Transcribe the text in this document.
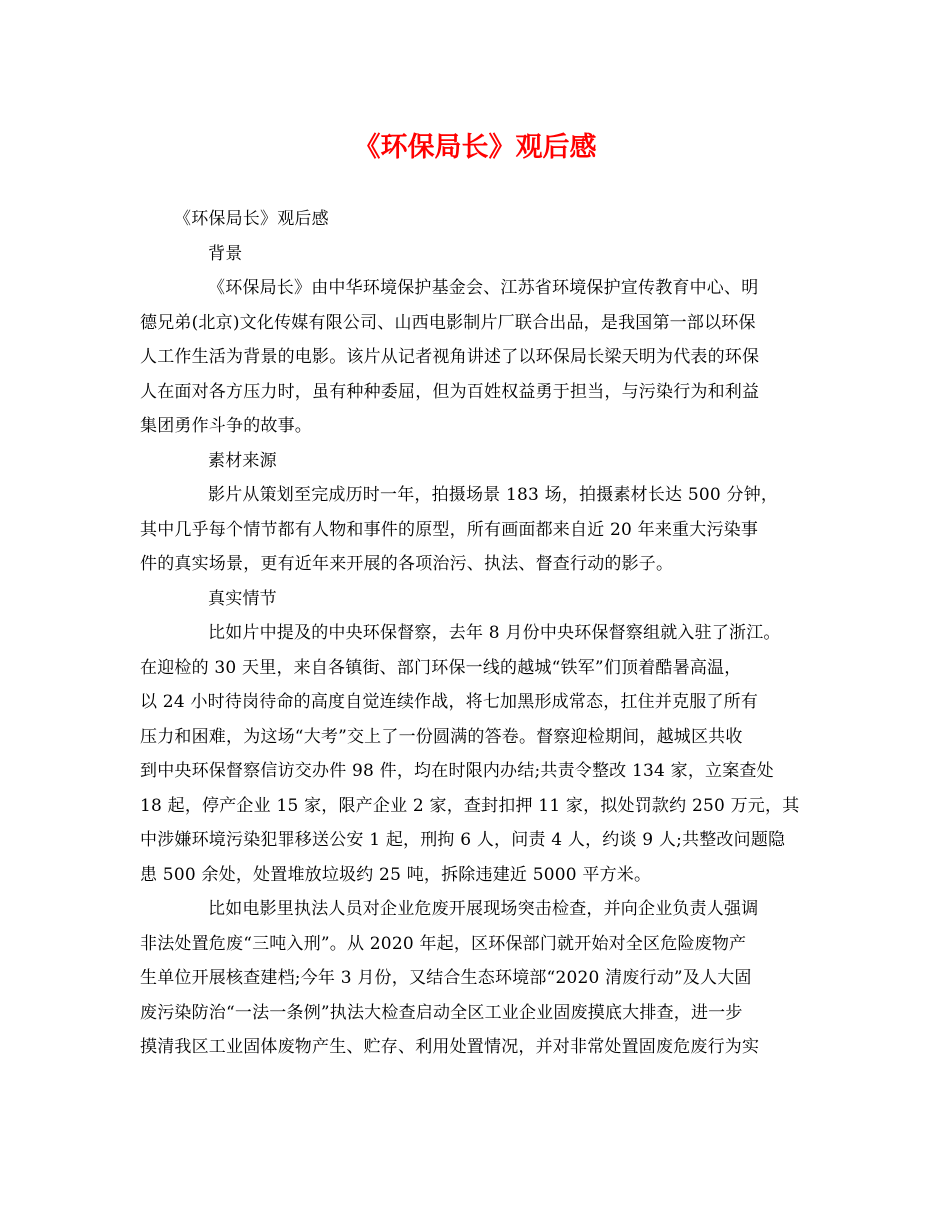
《环保局长》观后感
《环保局长》观后感
背景
《环保局长》由中华环境保护基金会、江苏省环境保护宣传教育中心、明
德兄弟(北京)文化传媒有限公司、山西电影制片厂联合出品，是我国第一部以环保
人工作生活为背景的电影。该片从记者视角讲述了以环保局长梁天明为代表的环保
人在面对各方压力时，虽有种种委屈，但为百姓权益勇于担当，与污染行为和利益
集团勇作斗争的故事。
素材来源
影片从策划至完成历时一年，拍摄场景 183 场，拍摄素材长达 500 分钟，
其中几乎每个情节都有人物和事件的原型，所有画面都来自近 20 年来重大污染事
件的真实场景，更有近年来开展的各项治污、执法、督查行动的影子。
真实情节
比如片中提及的中央环保督察，去年 8 月份中央环保督察组就入驻了浙江。
在迎检的 30 天里，来自各镇街、部门环保一线的越城“铁军”们顶着酷暑高温，
以 24 小时待岗待命的高度自觉连续作战，将七加黑形成常态，扛住并克服了所有
压力和困难，为这场“大考”交上了一份圆满的答卷。督察迎检期间，越城区共收
到中央环保督察信访交办件 98 件，均在时限内办结;共责令整改 134 家，立案查处
18 起，停产企业 15 家，限产企业 2 家，查封扣押 11 家，拟处罚款约 250 万元，其
中涉嫌环境污染犯罪移送公安 1 起，刑拘 6 人，问责 4 人，约谈 9 人;共整改问题隐
患 500 余处，处置堆放垃圾约 25 吨，拆除违建近 5000 平方米。
比如电影里执法人员对企业危废开展现场突击检查，并向企业负责人强调
非法处置危废“三吨入刑”。从 2020 年起，区环保部门就开始对全区危险废物产
生单位开展核查建档;今年 3 月份，又结合生态环境部“2020 清废行动”及人大固
废污染防治“一法一条例”执法大检查启动全区工业企业固废摸底大排查，进一步
摸清我区工业固体废物产生、贮存、利用处置情况，并对非常处置固废危废行为实
